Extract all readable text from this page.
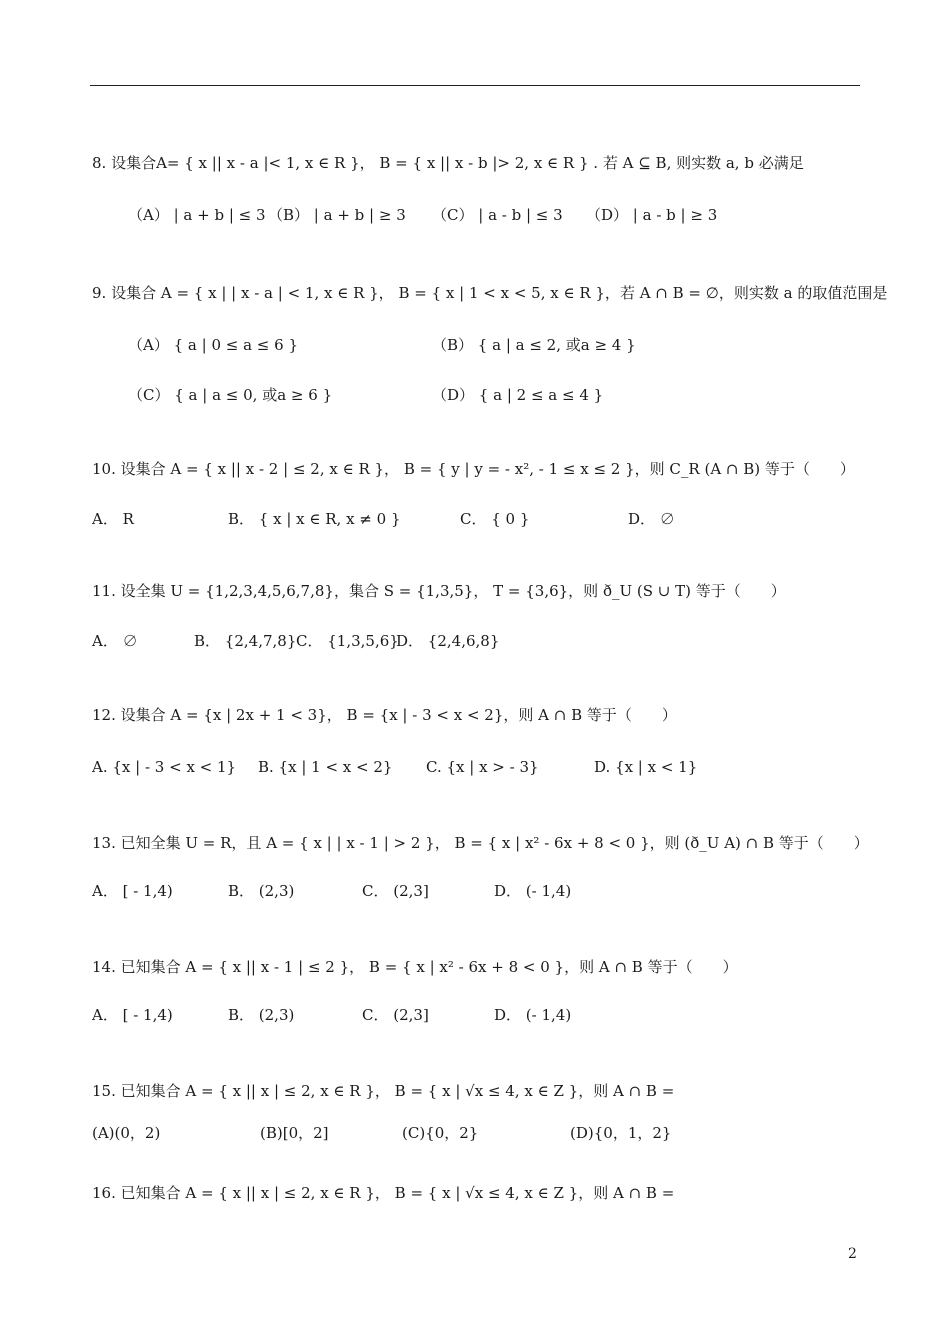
8. 设集合A= { x || x - a |< 1, x ∈ R }， B = { x || x - b |> 2, x ∈ R } . 若 A ⊆ B, 则实数 a, b 必满足
（A） | a + b | ≤ 3 （B） | a + b | ≥ 3 （C） | a - b | ≤ 3 （D） | a - b | ≥ 3
9. 设集合 A = { x | | x - a | < 1, x ∈ R }， B = { x | 1 < x < 5, x ∈ R }，若 A ∩ B = ∅，则实数 a 的取值范围是
（A） { a | 0 ≤ a ≤ 6 }	（B） { a | a ≤ 2, 或a ≥ 4 }
（C） { a | a ≤ 0, 或a ≥ 6 }	（D） { a | 2 ≤ a ≤ 4 }
10. 设集合 A = { x || x - 2 | ≤ 2, x ∈ R }， B = { y | y = - x², - 1 ≤ x ≤ 2 }，则 C_R (A ∩ B) 等于（　　）
A． R	B． { x | x ∈ R, x ≠ 0 }	C． { 0 }	D． ∅
11. 设全集 U = {1,2,3,4,5,6,7,8}，集合 S = {1,3,5}， T = {3,6}，则 ð_U (S ∪ T) 等于（　　）
A． ∅	B． {2,4,7,8} C． {1,3,5,6}
D． {2,4,6,8}
12. 设集合 A = {x | 2x + 1 < 3}， B = {x | - 3 < x < 2}，则 A ∩ B 等于（　　）
A. {x | - 3 < x < 1} B. {x | 1 < x < 2} C. {x | x > - 3}	D. {x | x < 1}
13. 已知全集 U = R，且 A = { x | | x - 1 | > 2 }， B = { x | x² - 6x + 8 < 0 }，则 (ð_U A) ∩ B 等于（　　）
A． [ - 1,4)	B． (2,3)	C． (2,3]	D． (- 1,4)
14. 已知集合 A = { x || x - 1 | ≤ 2 }， B = { x | x² - 6x + 8 < 0 }，则 A ∩ B 等于（　　）
A． [ - 1,4)	B． (2,3)	C． (2,3]	D． (- 1,4)
15. 已知集合 A = { x || x | ≤ 2, x ∈ R }， B = { x | √x ≤ 4, x ∈ Z }，则 A ∩ B =
(A)(0，2)	(B)[0，2]	(C){0，2}	(D){0，1，2}
16. 已知集合 A = { x || x | ≤ 2, x ∈ R }， B = { x | √x ≤ 4, x ∈ Z }，则 A ∩ B =
2
